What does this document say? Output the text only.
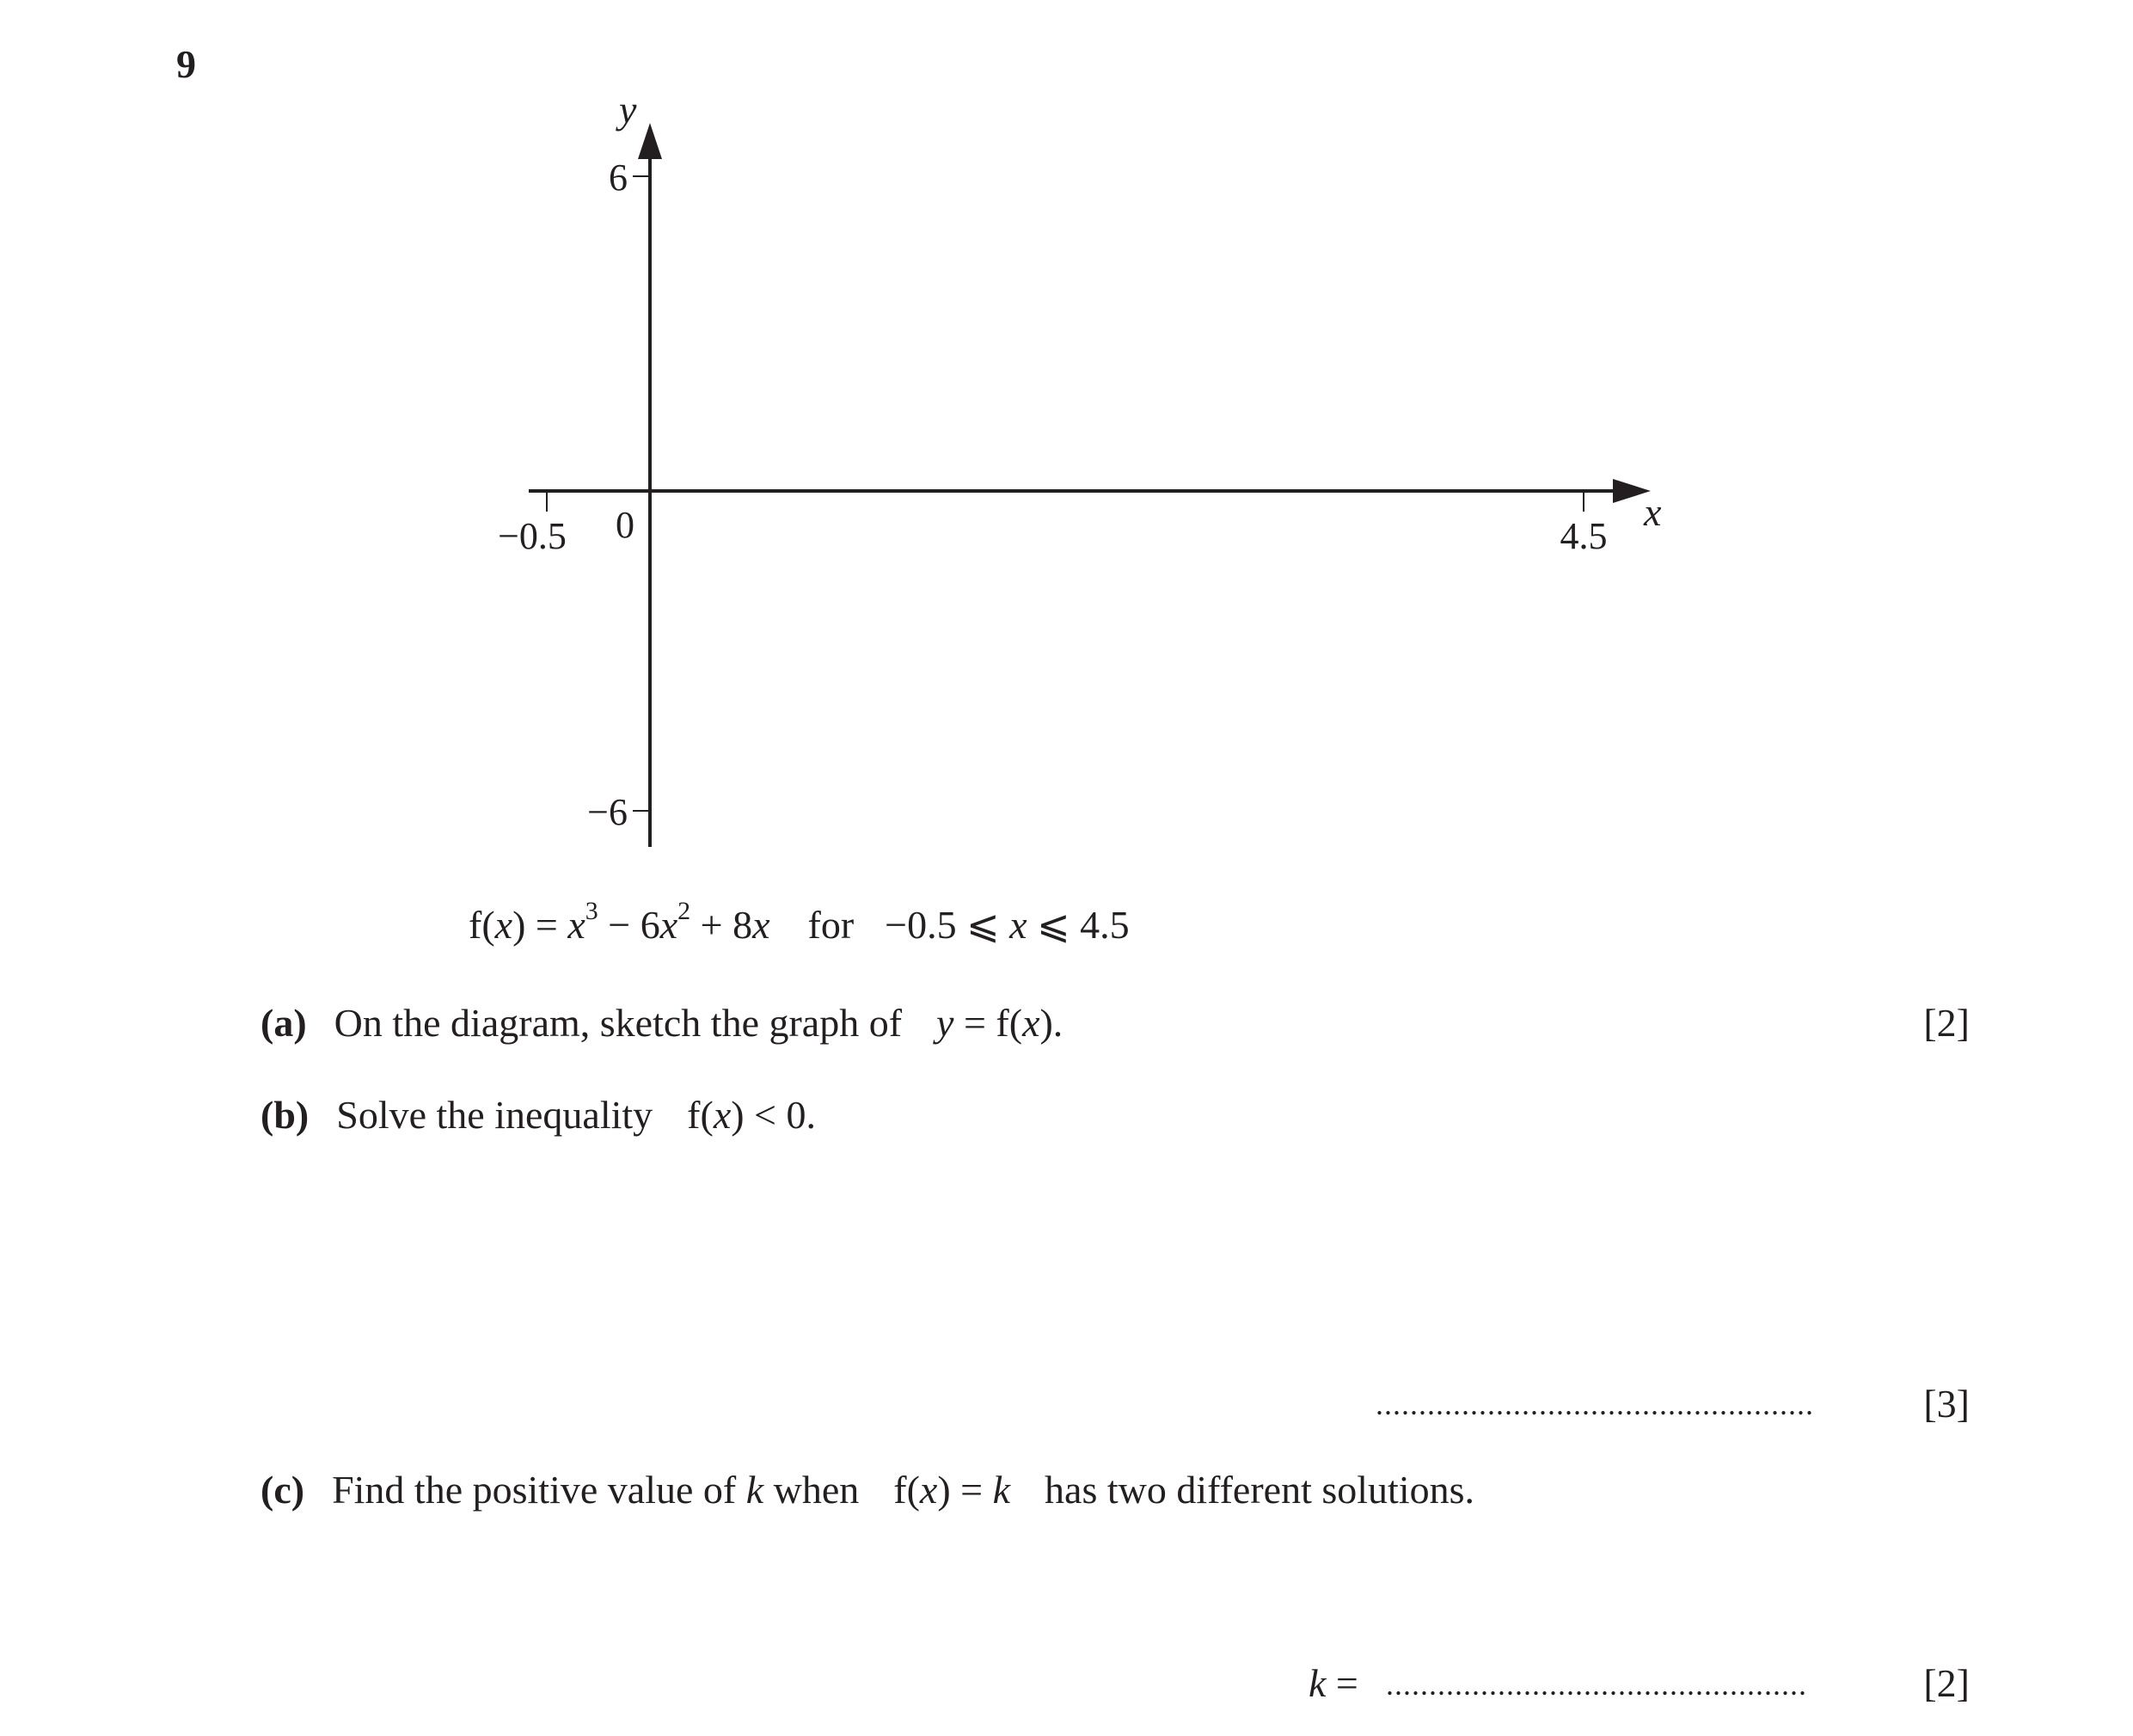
9
y
x
6
−6
−0.5	4.5
0
$f(x) = x^3 - 6x^2 + 8x$ for −0.5 ⩽ x ⩽ 4.5
(a) On the diagram, sketch the graph of y = f(x).	[2]
(b) Solve the inequality f(x) < 0.
...................................................	[3]
(c) Find the positive value of k when f(x) = k has two different solutions.
k = .................................................	[2]
